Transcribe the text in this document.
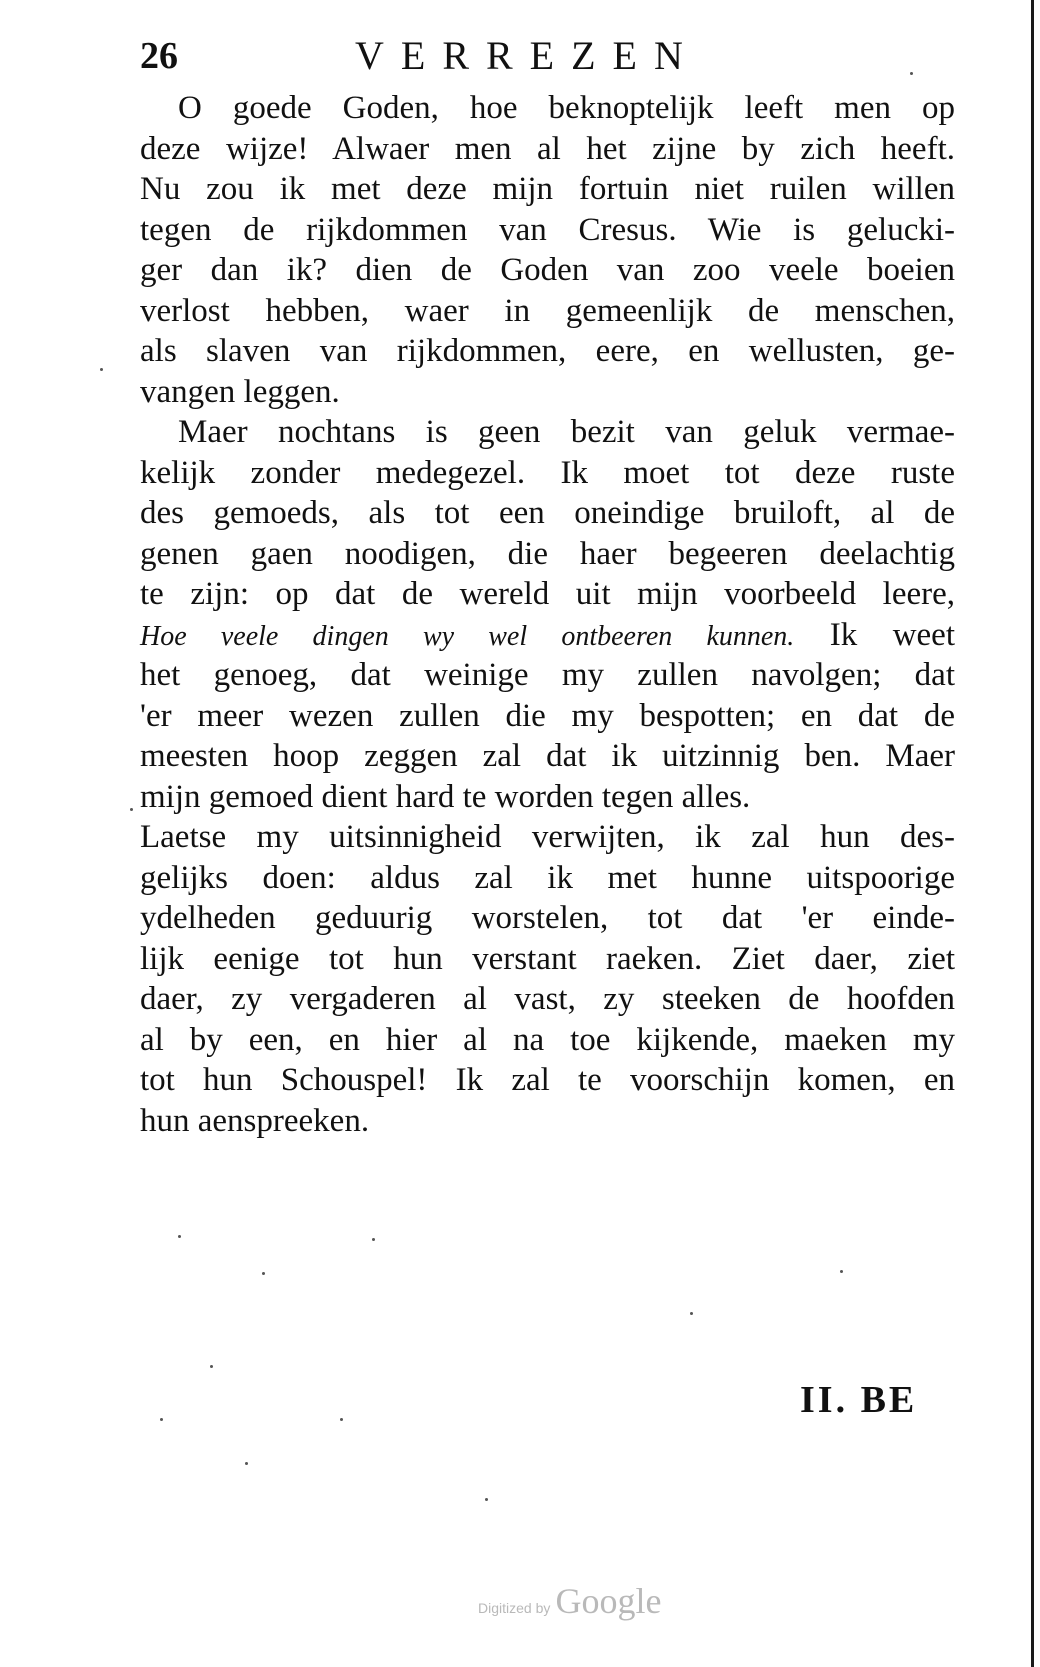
26	VERREZEN
O goede Goden, hoe beknoptelijk leeft men op
deze wijze! Alwaer men al het zijne by zich heeft.
Nu zou ik met deze mijn fortuin niet ruilen willen
tegen de rijkdommen van Cresus. Wie is gelucki-
ger dan ik? dien de Goden van zoo veele boeien
verlost hebben, waer in gemeenlijk de menschen,
als slaven van rijkdommen, eere, en wellusten, ge-
vangen leggen.
Maer nochtans is geen bezit van geluk vermae-
kelijk zonder medegezel. Ik moet tot deze ruste
des gemoeds, als tot een oneindige bruiloft, al de
genen gaen noodigen, die haer begeeren deelachtig
te zijn: op dat de wereld uit mijn voorbeeld leere,
Hoe veele dingen wy wel ontbeeren kunnen. Ik weet
het genoeg, dat weinige my zullen navolgen; dat
'er meer wezen zullen die my bespotten; en dat de
meesten hoop zeggen zal dat ik uitzinnig ben. Maer
mijn gemoed dient hard te worden tegen alles.
Laetse my uitsinnigheid verwijten, ik zal hun des-
gelijks doen: aldus zal ik met hunne uitspoorige
ydelheden geduurig worstelen, tot dat 'er einde-
lijk eenige tot hun verstant raeken. Ziet daer, ziet
daer, zy vergaderen al vast, zy steeken de hoofden
al by een, en hier al na toe kijkende, maeken my
tot hun Schouspel! Ik zal te voorschijn komen, en
hun aenspreeken.
II. BE
Digitized by Google
